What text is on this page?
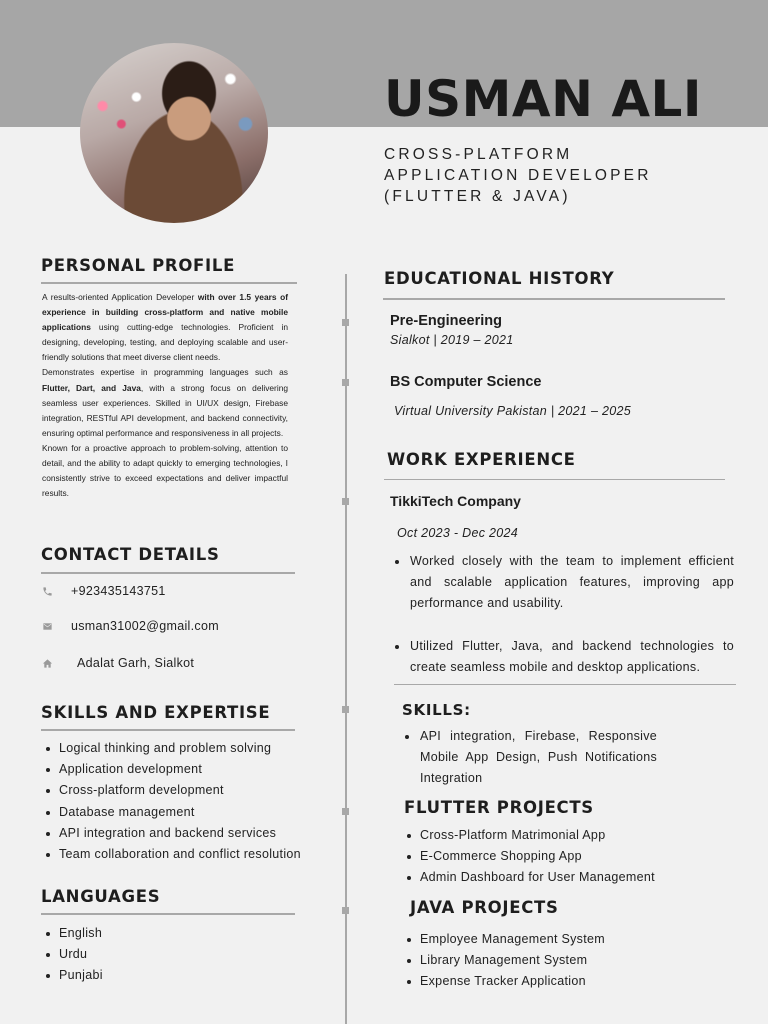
USMAN ALI
CROSS-PLATFORM
APPLICATION DEVELOPER
(FLUTTER & JAVA)
PERSONAL PROFILE

A results-oriented Application Developer with over 1.5 years of experience in building cross-platform and native mobile applications using cutting-edge technologies. Proficient in designing, developing, testing, and deploying scalable and user-friendly solutions that meet diverse client needs.

Demonstrates expertise in programming languages such as Flutter, Dart, and Java, with a strong focus on delivering seamless user experiences. Skilled in UI/UX design, Firebase integration, RESTful API development, and backend connectivity, ensuring optimal performance and responsiveness in all projects.

Known for a proactive approach to problem-solving, attention to detail, and the ability to adapt quickly to emerging technologies, I consistently strive to exceed expectations and deliver impactful results.

CONTACT DETAILS
+923435143751
usman31002@gmail.com
Adalat Garh, Sialkot
SKILLS AND EXPERTISE
Logical thinking and problem solving
Application development
Cross-platform development
Database management
API integration and backend services
Team collaboration and conflict resolution
LANGUAGES
English
Urdu
Punjabi
EDUCATIONAL HISTORY
Pre-Engineering
Sialkot | 2019 – 2021
BS Computer Science
Virtual University Pakistan | 2021 – 2025
WORK EXPERIENCE
TikkiTech Company
Oct 2023 - Dec 2024
Worked closely with the team to implement efficient and scalable application features, improving app performance and usability.
Utilized Flutter, Java, and backend technologies to create seamless mobile and desktop applications.
SKILLS:
API integration, Firebase, Responsive Mobile App Design, Push Notifications Integration
FLUTTER PROJECTS
Cross-Platform Matrimonial App
E-Commerce Shopping App
Admin Dashboard for User Management
JAVA PROJECTS
Employee Management System
Library Management System
Expense Tracker Application
